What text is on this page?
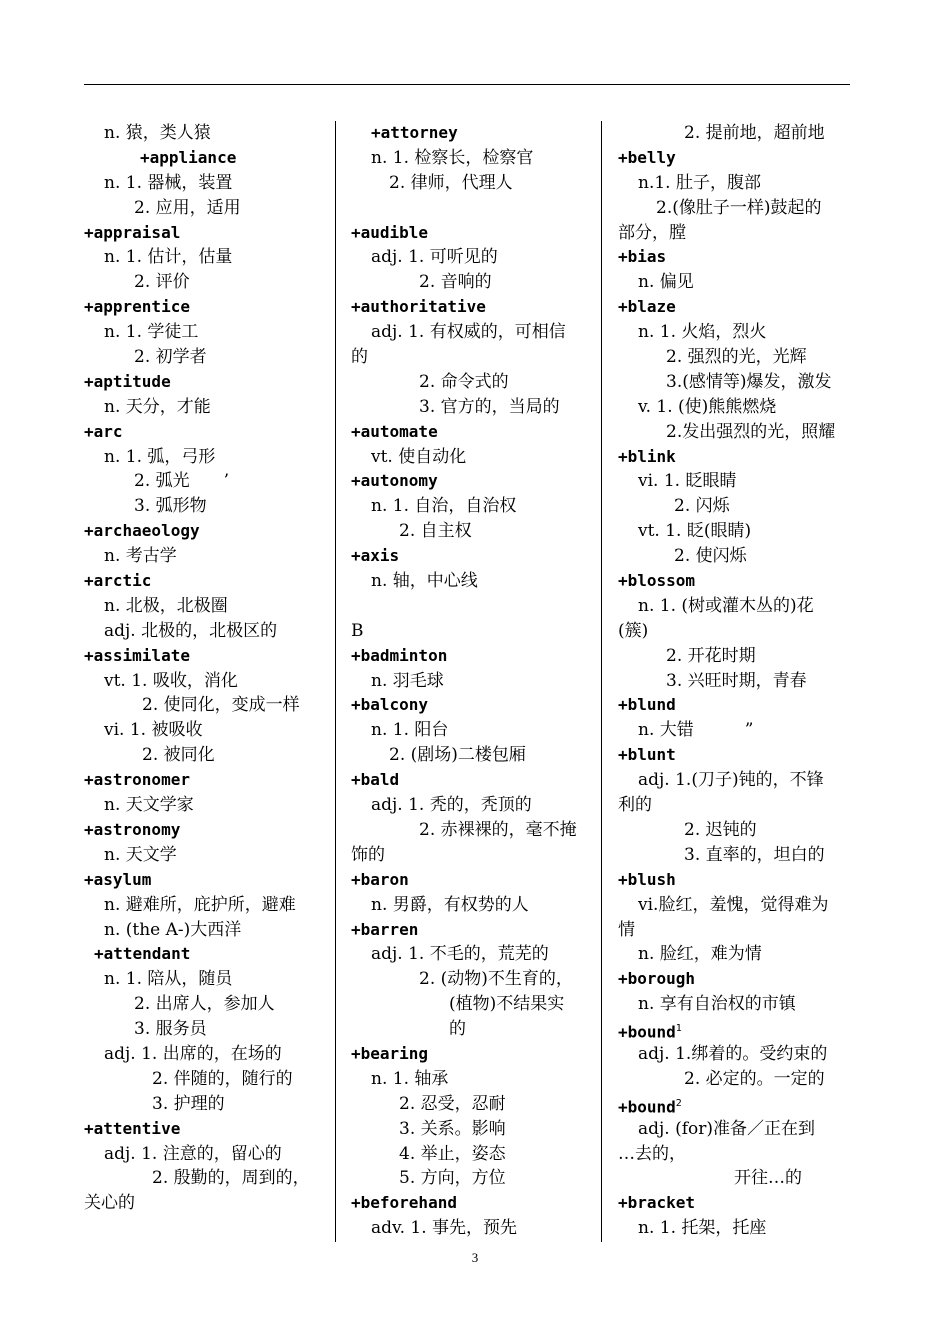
n. 猿，类人猿
+appliance
n. 1. 器械，装置
2. 应用，适用
+appraisal
n. 1. 估计，估量
2. 评价
+apprentice
n. 1. 学徒工
2. 初学者
+aptitude
n. 天分，才能
+arc
n. 1. 弧，弓形
2. 弧光　　’
3. 弧形物
+archaeology
n. 考古学
+arctic
n. 北极，北极圈
adj. 北极的，北极区的
+assimilate
vt. 1. 吸收，消化
2. 使同化，变成一样
vi. 1. 被吸收
2. 被同化
+astronomer
n. 天文学家
+astronomy
n. 天文学
+asylum
n. 避难所，庇护所，避难
n. (the A-)大西洋
+attendant
n. 1. 陪从，随员
2. 出席人，参加人
3. 服务员
adj. 1. 出席的，在场的
2. 伴随的，随行的
3. 护理的
+attentive
adj. 1. 注意的，留心的
2. 殷勤的，周到的，
关心的
+attorney
n. 1. 检察长，检察官
2. 律师，代理人
+audible
adj. 1. 可听见的
2. 音响的
+authoritative
adj. 1. 有权威的，可相信
的
2. 命令式的
3. 官方的，当局的
+automate
vt. 使自动化
+autonomy
n. 1. 自治，自治权
2. 自主权
+axis
n. 轴，中心线
B
+badminton
n. 羽毛球
+balcony
n. 1. 阳台
2. (剧场)二楼包厢
+bald
adj. 1. 秃的，秃顶的
2. 赤裸裸的，毫不掩
饰的
+baron
n. 男爵，有权势的人
+barren
adj. 1. 不毛的，荒芜的
2. (动物)不生育的，
(植物)不结果实
的
+bearing
n. 1. 轴承
2. 忍受，忍耐
3. 关系。影响
4. 举止，姿态
5. 方向，方位
+beforehand
adv. 1. 事先，预先
2. 提前地，超前地
+belly
n.1. 肚子，腹部
2.(像肚子一样)鼓起的
部分，膛
+bias
n. 偏见
+blaze
n. 1. 火焰，烈火
2. 强烈的光，光辉
3.(感情等)爆发，激发
v. 1. (使)熊熊燃烧
2.发出强烈的光，照耀
+blink
vi. 1. 眨眼睛
2. 闪烁
vt. 1. 眨(眼睛)
2. 使闪烁
+blossom
n. 1. (树或灌木丛的)花
(簇)
2. 开花时期
3. 兴旺时期，青春
+blund
n. 大错　　　”
+blunt
adj. 1.(刀子)钝的，不锋
利的
2. 迟钝的
3. 直率的，坦白的
+blush
vi.脸红，羞愧，觉得难为
情
n. 脸红，难为情
+borough
n. 享有自治权的市镇
+bound$^1$
adj. 1.绑着的。受约束的
2. 必定的。一定的
+bound$^2$
adj. (for)准备／正在到
…去的，
开往…的
+bracket
n. 1. 托架，托座
3
